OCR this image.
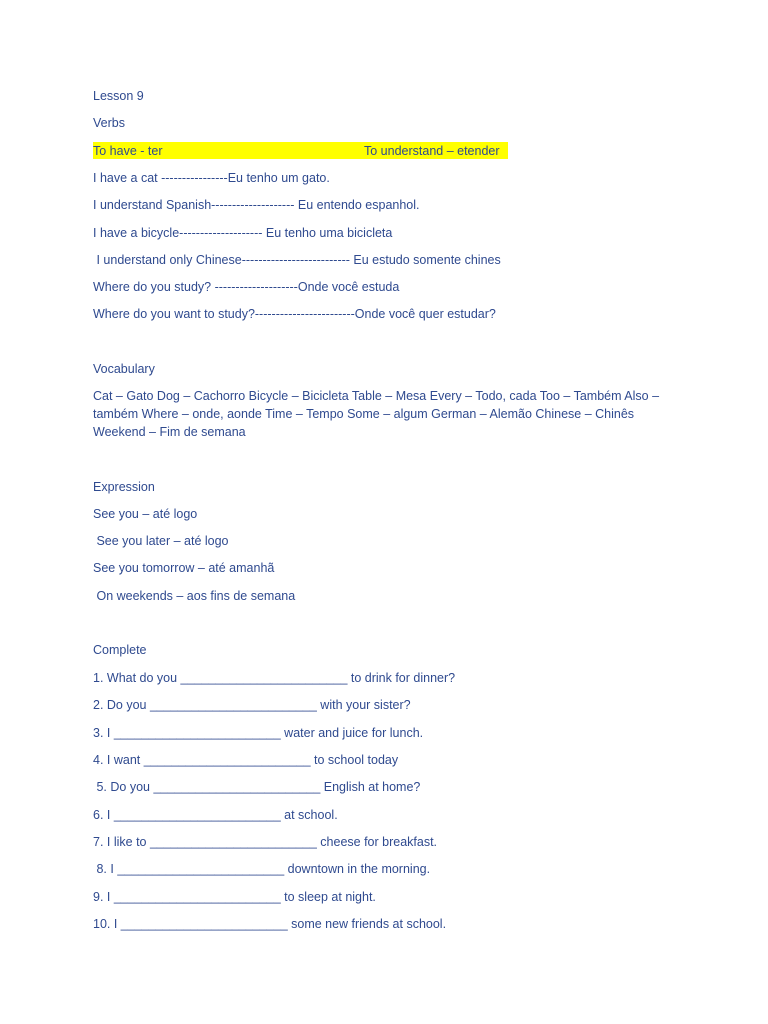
Lesson 9
Verbs
To have - ter	To understand – etender
I have a cat ----------------Eu tenho um gato.
I understand Spanish-------------------- Eu entendo espanhol.
I have a bicycle-------------------- Eu tenho uma bicicleta
I understand only Chinese-------------------------- Eu estudo somente chines
Where do you study? --------------------Onde você estuda
Where do you want to study?------------------------Onde você quer estudar?
Vocabulary
Cat – Gato Dog – Cachorro Bicycle – Bicicleta Table – Mesa Every – Todo, cada Too – Também Also – também Where – onde, aonde Time – Tempo Some – algum German – Alemão Chinese – Chinês Weekend – Fim de semana
Expression
See you – até logo
See you later – até logo
See you tomorrow – até amanhã
On weekends – aos fins de semana
Complete
1. What do you ________________________ to drink for dinner?
2. Do you ________________________ with your sister?
3. I ________________________ water and juice for lunch.
4. I want ________________________ to school today
5. Do you ________________________ English at home?
6. I ________________________ at school.
7. I like to ________________________ cheese for breakfast.
8. I ________________________ downtown in the morning.
9. I ________________________ to sleep at night.
10. I ________________________ some new friends at school.
